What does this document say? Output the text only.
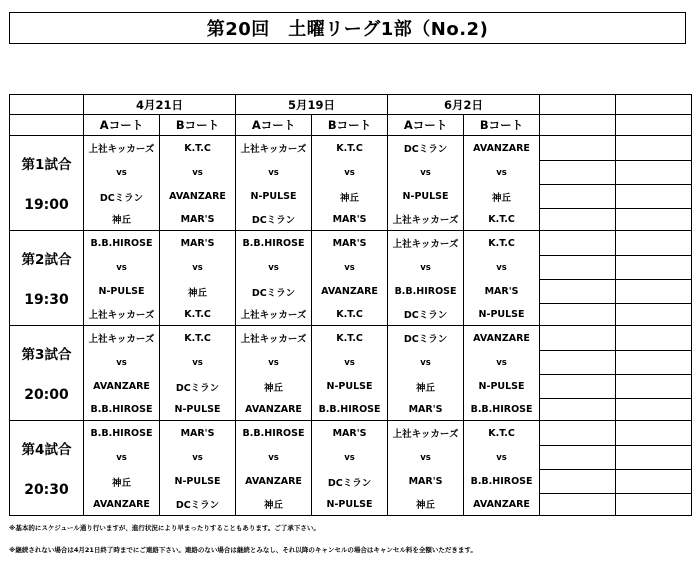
第20回　土曜リーグ1部（No.2)
	4月21日		5月19日		6月2日			
	Aコート	Bコート	Aコート	Bコート	Aコート	Bコート		

第1試合
19:00	上社キッカーズ	K.T.C	上社キッカーズ	K.T.C	DCミラン	AVANZARE		
	vs	vs	vs	vs	vs	vs		
	DCミラン	AVANZARE	N-PULSE	神丘	N-PULSE	神丘		
	神丘	MAR'S	DCミラン	MAR'S	上社キッカーズ	K.T.C		

第2試合
19:30	B.B.HIROSE	MAR'S	B.B.HIROSE	MAR'S	上社キッカーズ	K.T.C		
	vs	vs	vs	vs	vs	vs		
	N-PULSE	神丘	DCミラン	AVANZARE	B.B.HIROSE	MAR'S		
	上社キッカーズ	K.T.C	上社キッカーズ	K.T.C	DCミラン	N-PULSE		

第3試合
20:00	上社キッカーズ	K.T.C	上社キッカーズ	K.T.C	DCミラン	AVANZARE		
	vs	vs	vs	vs	vs	vs		
	AVANZARE	DCミラン	神丘	N-PULSE	神丘	N-PULSE		
	B.B.HIROSE	N-PULSE	AVANZARE	B.B.HIROSE	MAR'S	B.B.HIROSE		

第4試合
20:30	B.B.HIROSE	MAR'S	B.B.HIROSE	MAR'S	上社キッカーズ	K.T.C		
	vs	vs	vs	vs	vs	vs		
	神丘	N-PULSE	AVANZARE	DCミラン	MAR'S	B.B.HIROSE		
	AVANZARE	DCミラン	神丘	N-PULSE	神丘	AVANZARE		
※基本的にスケジュール通り行いますが、進行状況により早まったりすることもあります。ご了承下さい。
※継続されない場合は4月21日終了時までにご連絡下さい。連絡のない場合は継続とみなし、それ以降のキャンセルの場合はキャンセル料を全額いただきます。
